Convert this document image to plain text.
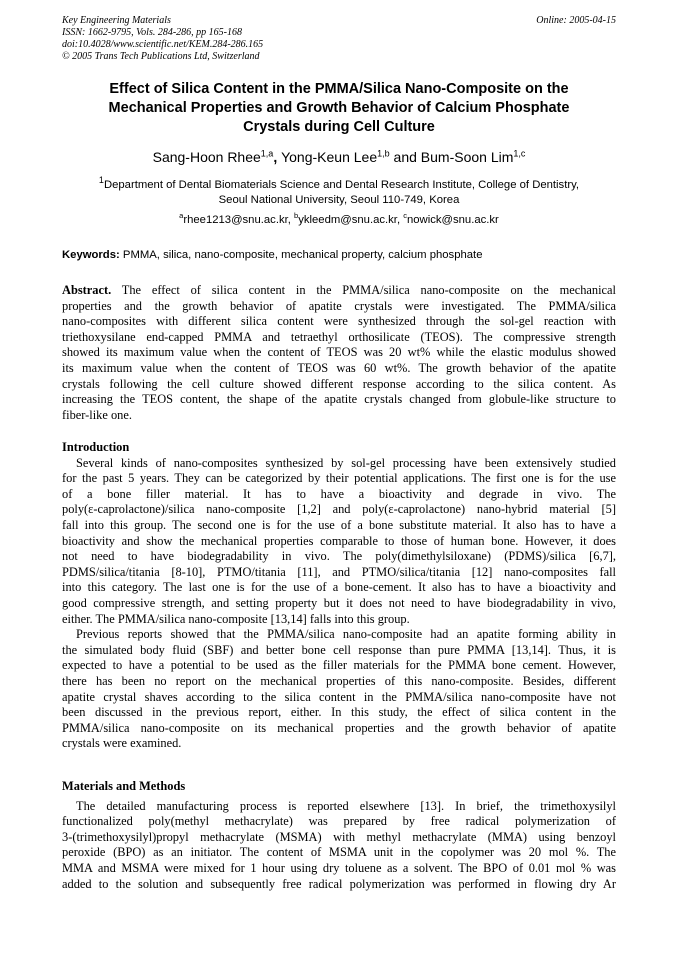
Key Engineering Materials
ISSN: 1662-9795, Vols. 284-286, pp 165-168
doi:10.4028/www.scientific.net/KEM.284-286.165
© 2005 Trans Tech Publications Ltd, Switzerland
Online: 2005-04-15
Effect of Silica Content in the PMMA/Silica Nano-Composite on the
Mechanical Properties and Growth Behavior of Calcium Phosphate
Crystals during Cell Culture
Sang-Hoon Rhee$^{1,a}$, Yong-Keun Lee$^{1,b}$ and Bum-Soon Lim$^{1,c}$
$^1$Department of Dental Biomaterials Science and Dental Research Institute, College of Dentistry,
Seoul National University, Seoul 110-749, Korea
$^a$rhee1213@snu.ac.kr, $^b$ykleedm@snu.ac.kr, $^c$nowick@snu.ac.kr
Keywords: PMMA, silica, nano-composite, mechanical property, calcium phosphate
Abstract. The effect of silica content in the PMMA/silica nano-composite on the mechanical
properties and the growth behavior of apatite crystals were investigated. The PMMA/silica
nano-composites with different silica content were synthesized through the sol-gel reaction with
triethoxysilane end-capped PMMA and tetraethyl orthosilicate (TEOS). The compressive strength
showed its maximum value when the content of TEOS was 20 wt% while the elastic modulus showed
its maximum value when the content of TEOS was 60 wt%. The growth behavior of the apatite
crystals following the cell culture showed different response according to the silica content. As
increasing the TEOS content, the shape of the apatite crystals changed from globule-like structure to
fiber-like one.
Introduction
Several kinds of nano-composites synthesized by sol-gel processing have been extensively studied
for the past 5 years. They can be categorized by their potential applications. The first one is for the use
of a bone filler material. It has to have a bioactivity and degrade in vivo. The
poly(ε-caprolactone)/silica nano-composite [1,2] and poly(ε-caprolactone) nano-hybrid material [5]
fall into this group. The second one is for the use of a bone substitute material. It also has to have a
bioactivity and show the mechanical properties comparable to those of human bone. However, it does
not need to have biodegradability in vivo. The poly(dimethylsiloxane) (PDMS)/silica [6,7],
PDMS/silica/titania [8-10], PTMO/titania [11], and PTMO/silica/titania [12] nano-composites fall
into this category. The last one is for the use of a bone-cement. It also has to have a bioactivity and
good compressive strength, and setting property but it does not need to have biodegradability in vivo,
either. The PMMA/silica nano-composite [13,14] falls into this group.
Previous reports showed that the PMMA/silica nano-composite had an apatite forming ability in
the simulated body fluid (SBF) and better bone cell response than pure PMMA [13,14]. Thus, it is
expected to have a potential to be used as the filler materials for the PMMA bone cement. However,
there has been no report on the mechanical properties of this nano-composite. Besides, different
apatite crystal shaves according to the silica content in the PMMA/silica nano-composite have not
been discussed in the previous report, either. In this study, the effect of silica content in the
PMMA/silica nano-composite on its mechanical properties and the growth behavior of apatite
crystals were examined.
Materials and Methods
The detailed manufacturing process is reported elsewhere [13]. In brief, the trimethoxysilyl
functionalized poly(methyl methacrylate) was prepared by free radical polymerization of
3-(trimethoxysilyl)propyl methacrylate (MSMA) with methyl methacrylate (MMA) using benzoyl
peroxide (BPO) as an initiator. The content of MSMA unit in the copolymer was 20 mol %. The
MMA and MSMA were mixed for 1 hour using dry toluene as a solvent. The BPO of 0.01 mol % was
added to the solution and subsequently free radical polymerization was performed in flowing dry Ar
